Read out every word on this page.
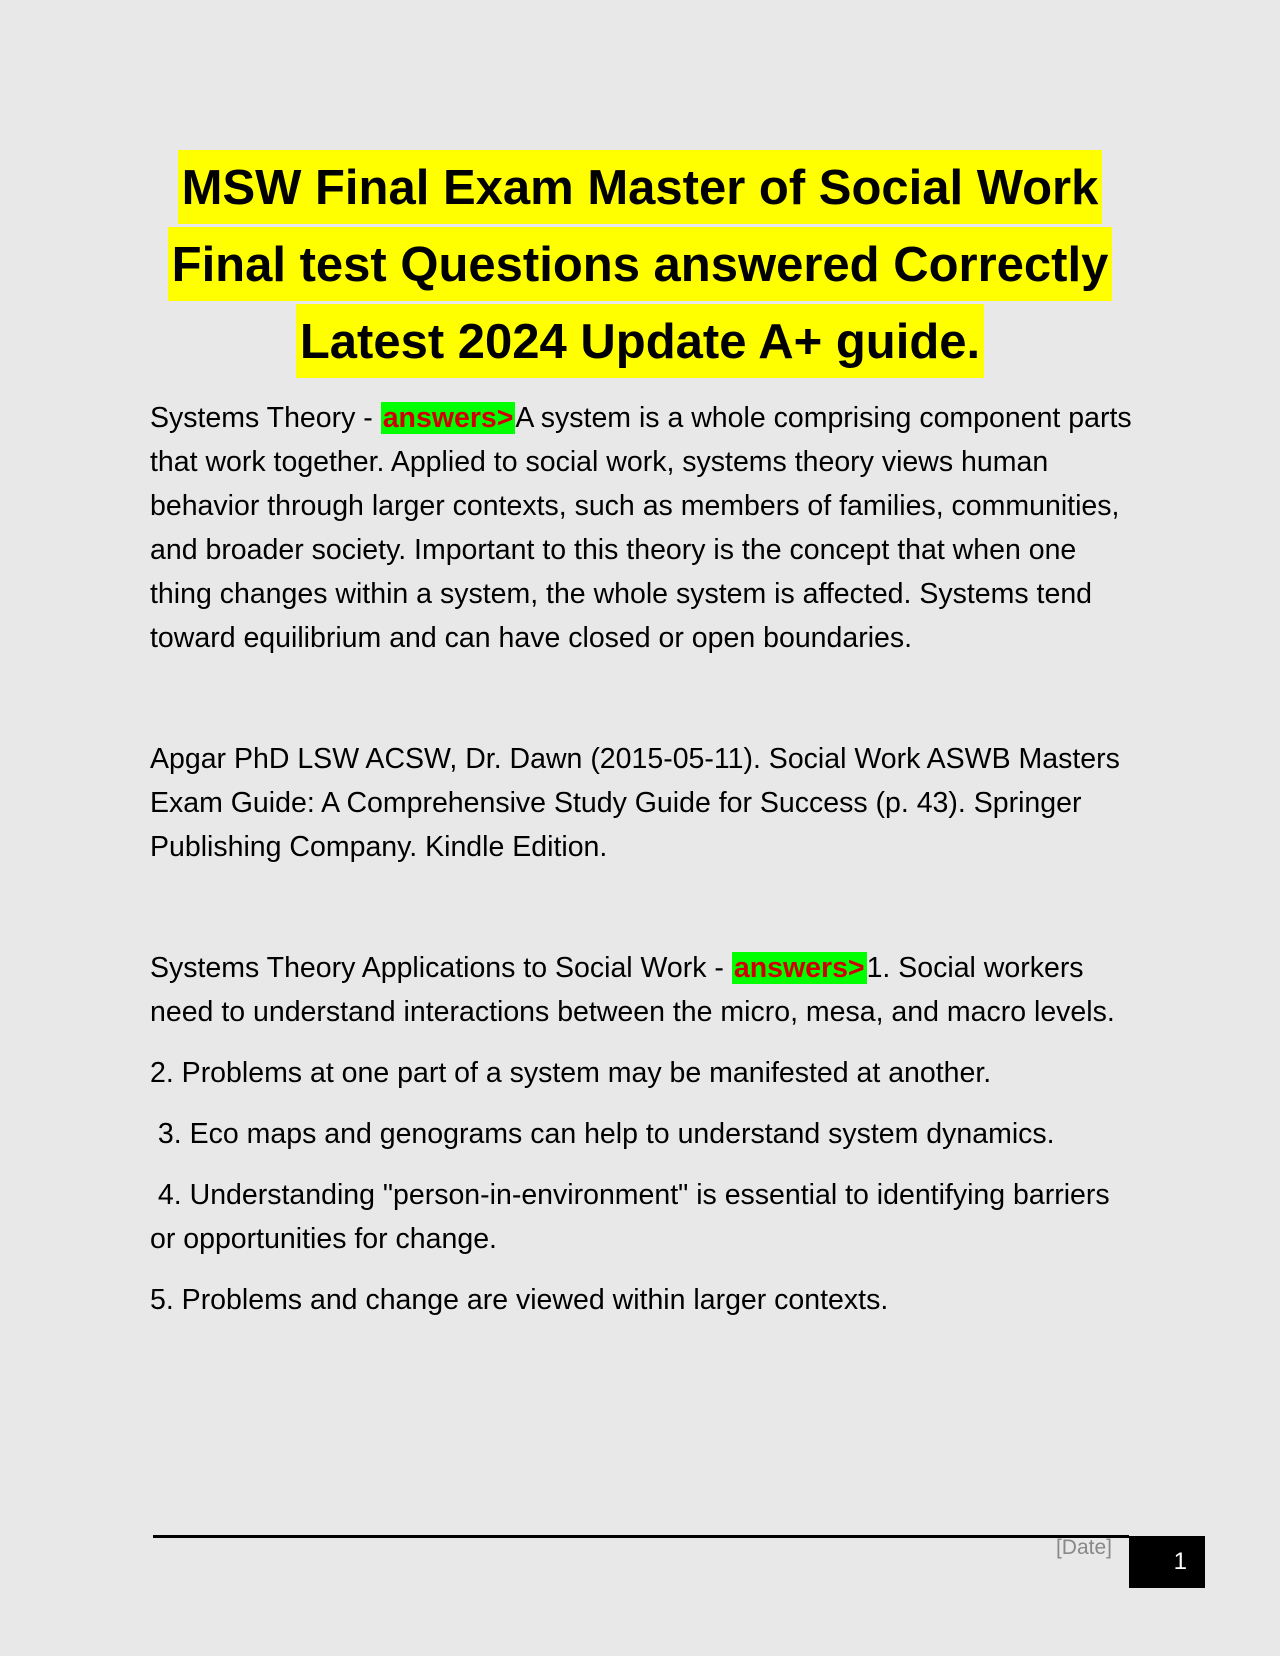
MSW Final Exam Master of Social Work
Final test Questions answered Correctly
Latest 2024 Update A+ guide.

Systems Theory - answers>A system is a whole comprising component parts that work together. Applied to social work, systems theory views human behavior through larger contexts, such as members of families, communities, and broader society. Important to this theory is the concept that when one thing changes within a system, the whole system is affected. Systems tend toward equilibrium and can have closed or open boundaries.

Apgar PhD LSW ACSW, Dr. Dawn (2015-05-11). Social Work ASWB Masters Exam Guide: A Comprehensive Study Guide for Success (p. 43). Springer Publishing Company. Kindle Edition.

Systems Theory Applications to Social Work - answers>1. Social workers need to understand interactions between the micro, mesa, and macro levels.

2. Problems at one part of a system may be manifested at another.

3. Eco maps and genograms can help to understand system dynamics.

4. Understanding "person-in-environment" is essential to identifying barriers or opportunities for change.

5. Problems and change are viewed within larger contexts.

[Date]
1
